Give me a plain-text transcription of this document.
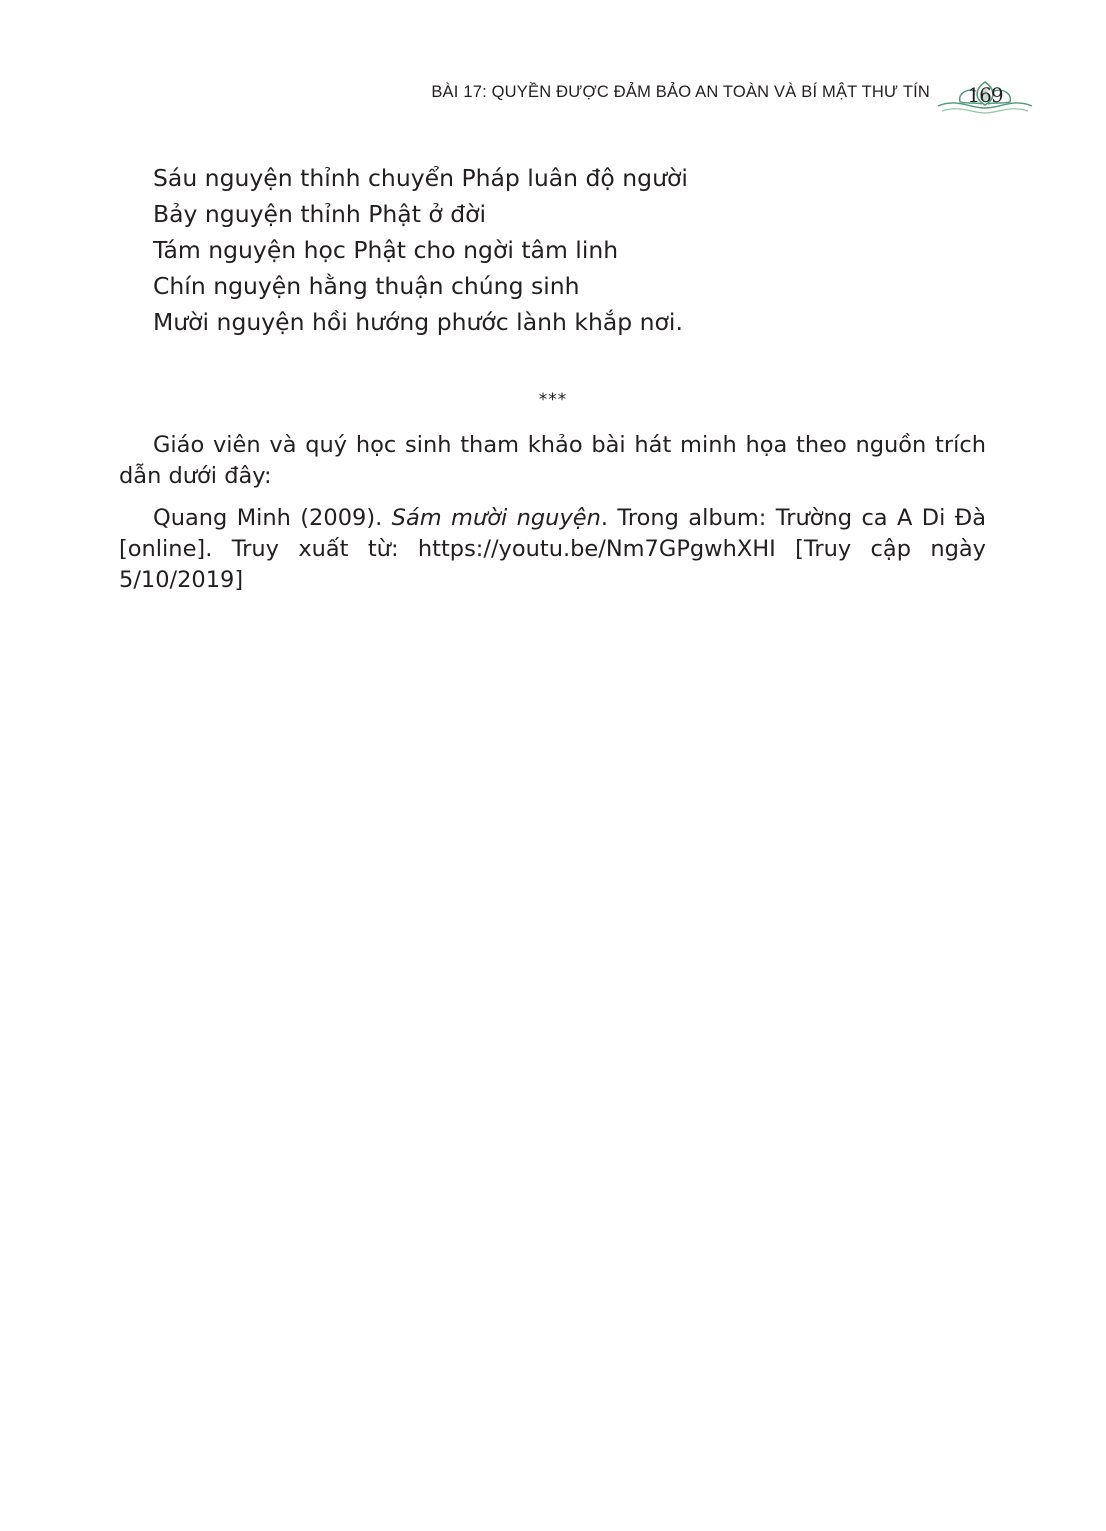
BÀI 17: QUYỀN ĐƯỢC ĐẢM BẢO AN TOÀN VÀ BÍ MẬT THƯ TÍN 169
Sáu nguyện thỉnh chuyển Pháp luân độ người
Bảy nguyện thỉnh Phật ở đời
Tám nguyện học Phật cho ngời tâm linh
Chín nguyện hằng thuận chúng sinh
Mười nguyện hồi hướng phước lành khắp nơi.
***

Giáo viên và quý học sinh tham khảo bài hát minh họa theo nguồn trích dẫn dưới đây:

Quang Minh (2009). Sám mười nguyện. Trong album: Trường ca A Di Đà [online]. Truy xuất từ: https://youtu.be/Nm7GPgwhXHI [Truy cập ngày 5/10/2019]
